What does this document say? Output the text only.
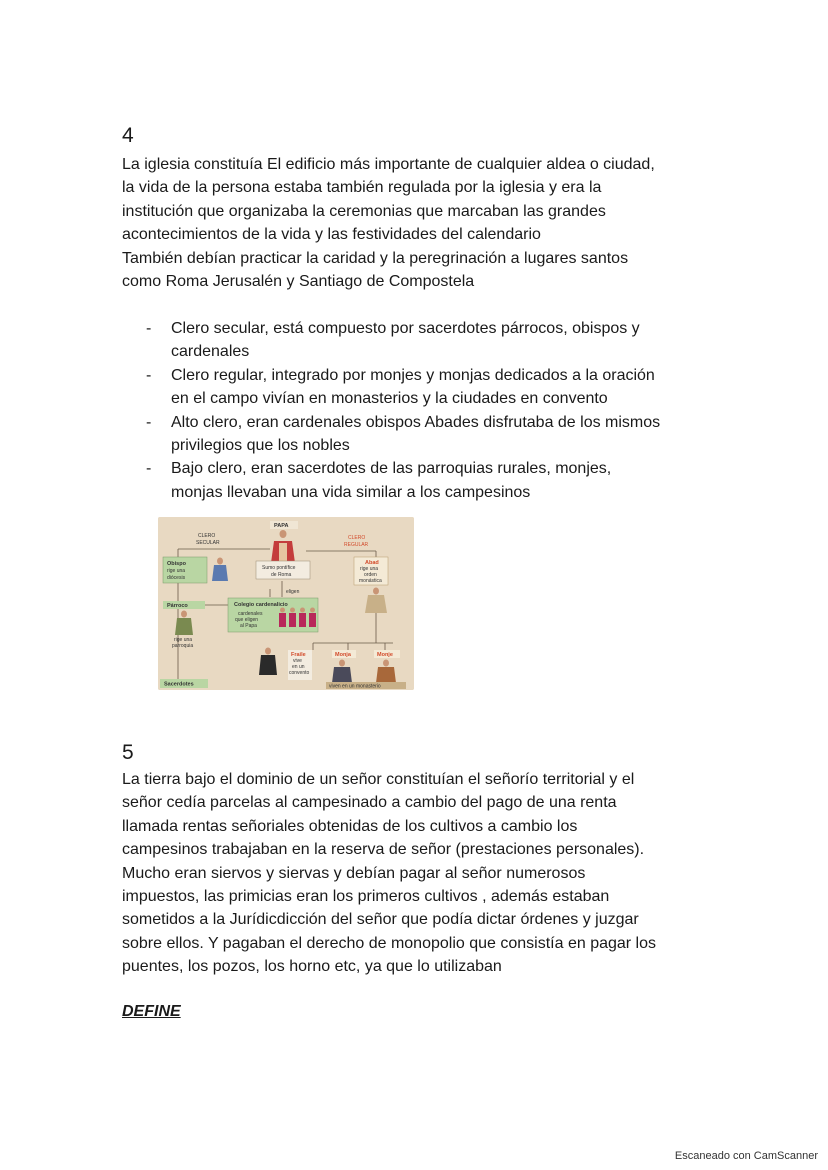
4
La iglesia constituía El edificio más importante de cualquier aldea o ciudad,
la vida de la persona estaba también regulada por la iglesia y era la
institución que organizaba la ceremonias que marcaban las grandes
acontecimientos de la vida y las festividades del calendario
También debían practicar la caridad y la peregrinación a lugares santos
como Roma Jerusalén y Santiago de Compostela
- Clero secular, está compuesto por sacerdotes párrocos, obispos y
cardenales
- Clero regular, integrado por monjes y monjas dedicados a la oración
en el campo vivían en monasterios y la ciudades en convento
- Alto clero, eran cardenales obispos Abades disfrutaba de los mismos
privilegios que los nobles
- Bajo clero, eran sacerdotes de las parroquias rurales, monjes,
monjas llevaban una vida similar a los campesinos
PAPA
CLERO
SECULAR
CLERO
REGULAR
Obispo
rige una
diócesis
Sumo pontífice
de Roma
eligen
Abad
rige una
orden
monástica
Párroco
rige una
parroquia
Colegio cardenalicio
cardenales
que eligen
al Papa
Fraile
vive
en un
convento
Monja	Monje
viven en un monasterio
Sacerdotes
5
La tierra bajo el dominio de un señor constituían el señorío territorial y el
señor cedía parcelas al campesinado a cambio del pago de una renta
llamada rentas señoriales obtenidas de los cultivos a cambio los
campesinos trabajaban en la reserva de señor (prestaciones personales).
Mucho eran siervos y siervas y debían pagar al señor numerosos
impuestos, las primicias eran los primeros cultivos , además estaban
sometidos a la Jurídicdicción del señor que podía dictar órdenes y juzgar
sobre ellos. Y pagaban el derecho de monopolio que consistía en pagar los
puentes, los pozos, los horno etc, ya que lo utilizaban
DEFINE
Escaneado con CamScanner
